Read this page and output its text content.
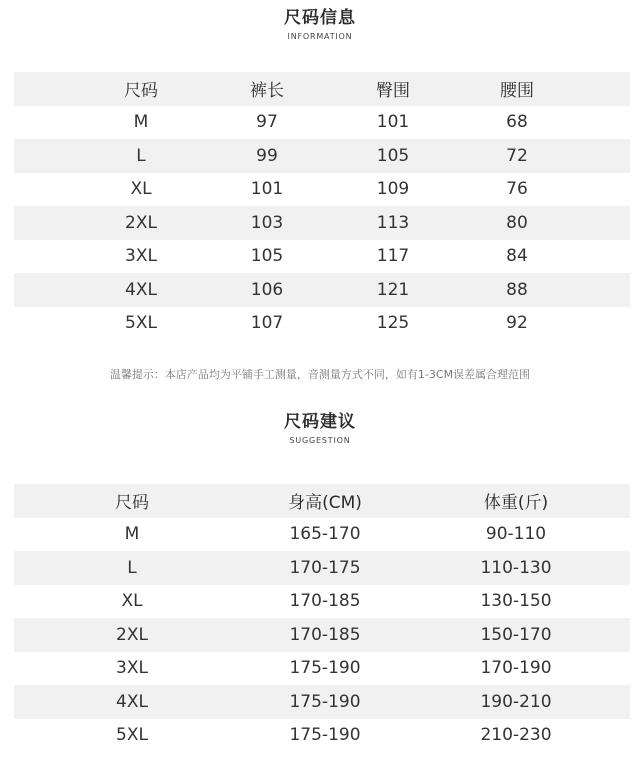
尺码信息
INFORMATION
尺码	裤长	臀围	腰围
M	97	101	68
L	99	105	72
XL	101	109	76
2XL	103	113	80
3XL	105	117	84
4XL	106	121	88
5XL	107	125	92
温馨提示：本店产品均为平铺手工测量，音测量方式不同，如有1-3CM误差属合理范围
尺码建议
SUGGESTION
尺码	身高(CM)	体重(斤)
M	165-170	90-110
L	170-175	110-130
XL	170-185	130-150
2XL	170-185	150-170
3XL	175-190	170-190
4XL	175-190	190-210
5XL	175-190	210-230
